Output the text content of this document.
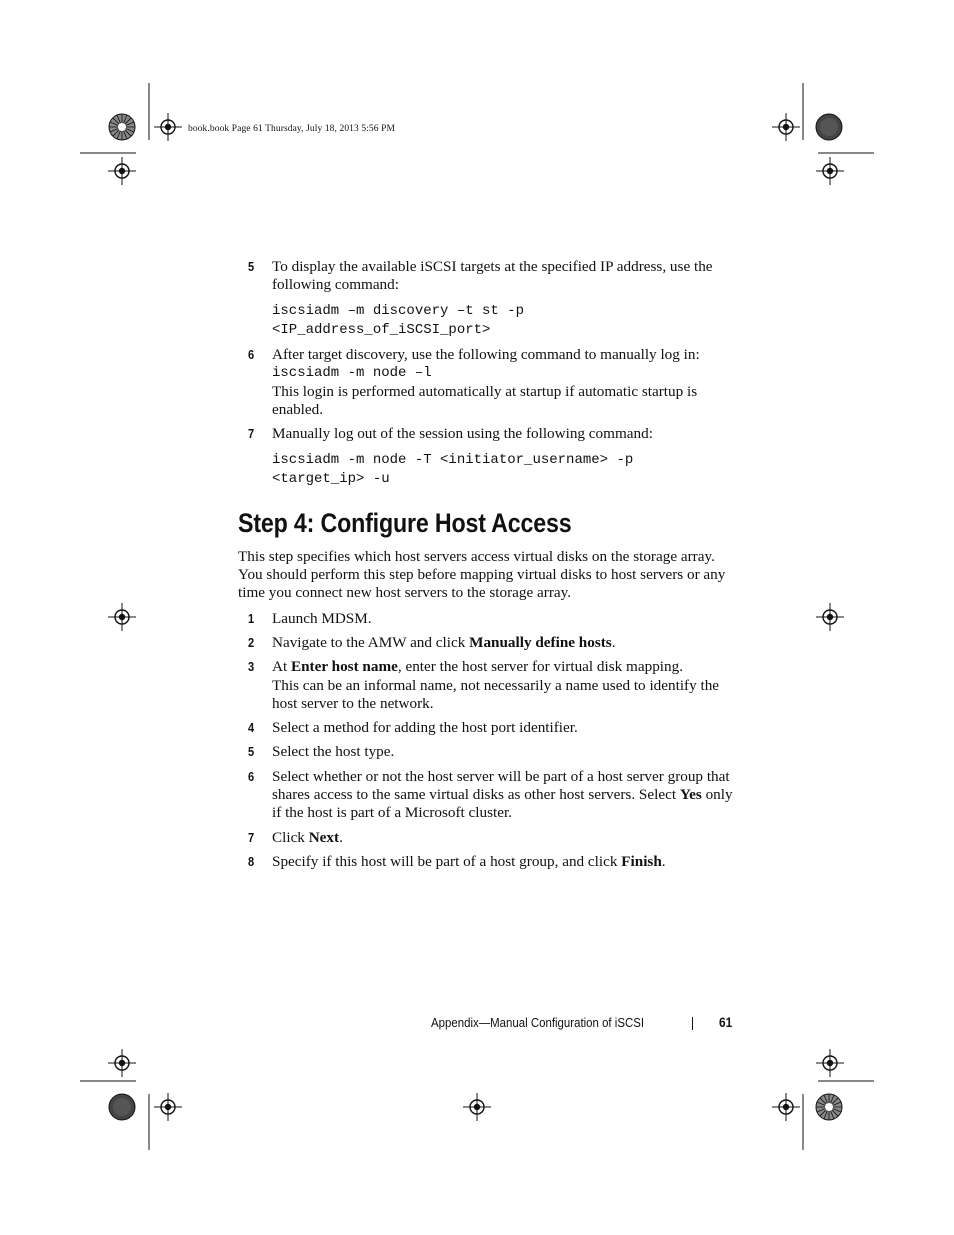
book.book Page 61 Thursday, July 18, 2013 5:56 PM
5 To display the available iSCSI targets at the specified IP address, use the following command:

iscsiadm –m discovery –t st -p
<IP_address_of_iSCSI_port>
6 After target discovery, use the following command to manually log in:

iscsiadm -m node –l

This login is performed automatically at startup if automatic startup is enabled.

7 Manually log out of the session using the following command:

iscsiadm -m node -T <initiator_username> -p
<target_ip> -u
Step 4: Configure Host Access

This step specifies which host servers access virtual disks on the storage array. You should perform this step before mapping virtual disks to host servers or any time you connect new host servers to the storage array.

1 Launch MDSM.

2 Navigate to the AMW and click Manually define hosts.

3 At Enter host name, enter the host server for virtual disk mapping.

This can be an informal name, not necessarily a name used to identify the host server to the network.

4 Select a method for adding the host port identifier.

5 Select the host type.

6 Select whether or not the host server will be part of a host server group that shares access to the same virtual disks as other host servers. Select Yes only if the host is part of a Microsoft cluster.

7 Click Next.

8 Specify if this host will be part of a host group, and click Finish.

Appendix—Manual Configuration of iSCSI	61
